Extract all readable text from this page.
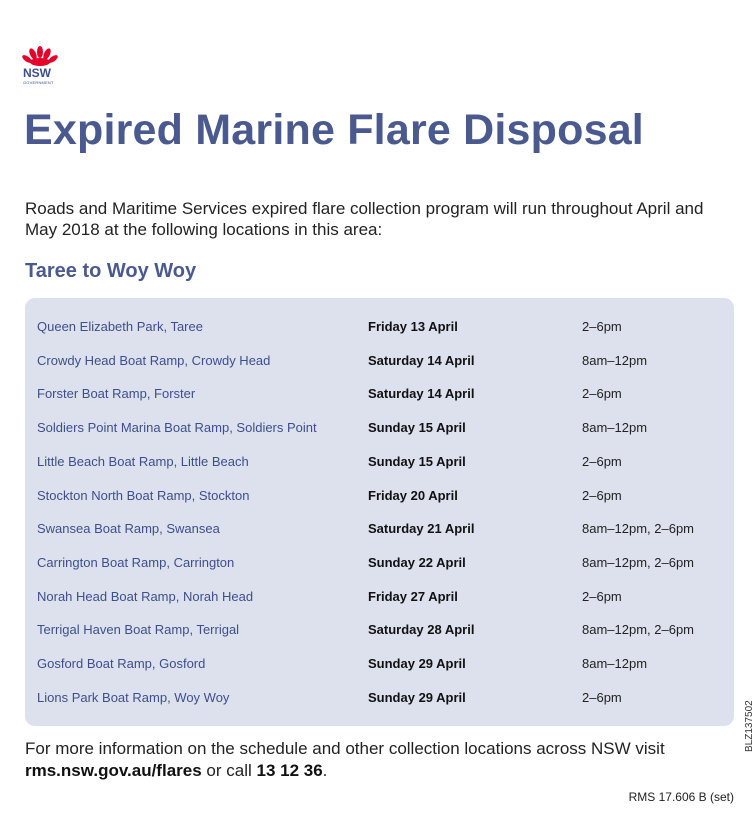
NSW
GOVERNMENT
Expired Marine Flare Disposal

Roads and Maritime Services expired flare collection program will run throughout April and May 2018 at the following locations in this area:

Taree to Woy Woy
Queen Elizabeth Park, Taree	Friday 13 April	2–6pm
Crowdy Head Boat Ramp, Crowdy Head	Saturday 14 April	8am–12pm
Forster Boat Ramp, Forster	Saturday 14 April	2–6pm
Soldiers Point Marina Boat Ramp, Soldiers Point	Sunday 15 April	8am–12pm
Little Beach Boat Ramp, Little Beach	Sunday 15 April	2–6pm
Stockton North Boat Ramp, Stockton	Friday 20 April	2–6pm
Swansea Boat Ramp, Swansea	Saturday 21 April	8am–12pm, 2–6pm
Carrington Boat Ramp, Carrington	Sunday 22 April	8am–12pm, 2–6pm
Norah Head Boat Ramp, Norah Head	Friday 27 April	2–6pm
Terrigal Haven Boat Ramp, Terrigal	Saturday 28 April	8am–12pm, 2–6pm
Gosford Boat Ramp, Gosford	Sunday 29 April	8am–12pm
Lions Park Boat Ramp, Woy Woy	Sunday 29 April	2–6pm

For more information on the schedule and other collection locations across NSW visit rms.nsw.gov.au/flares or call 13 12 36.

RMS 17.606 B (set)
BLZ137502
